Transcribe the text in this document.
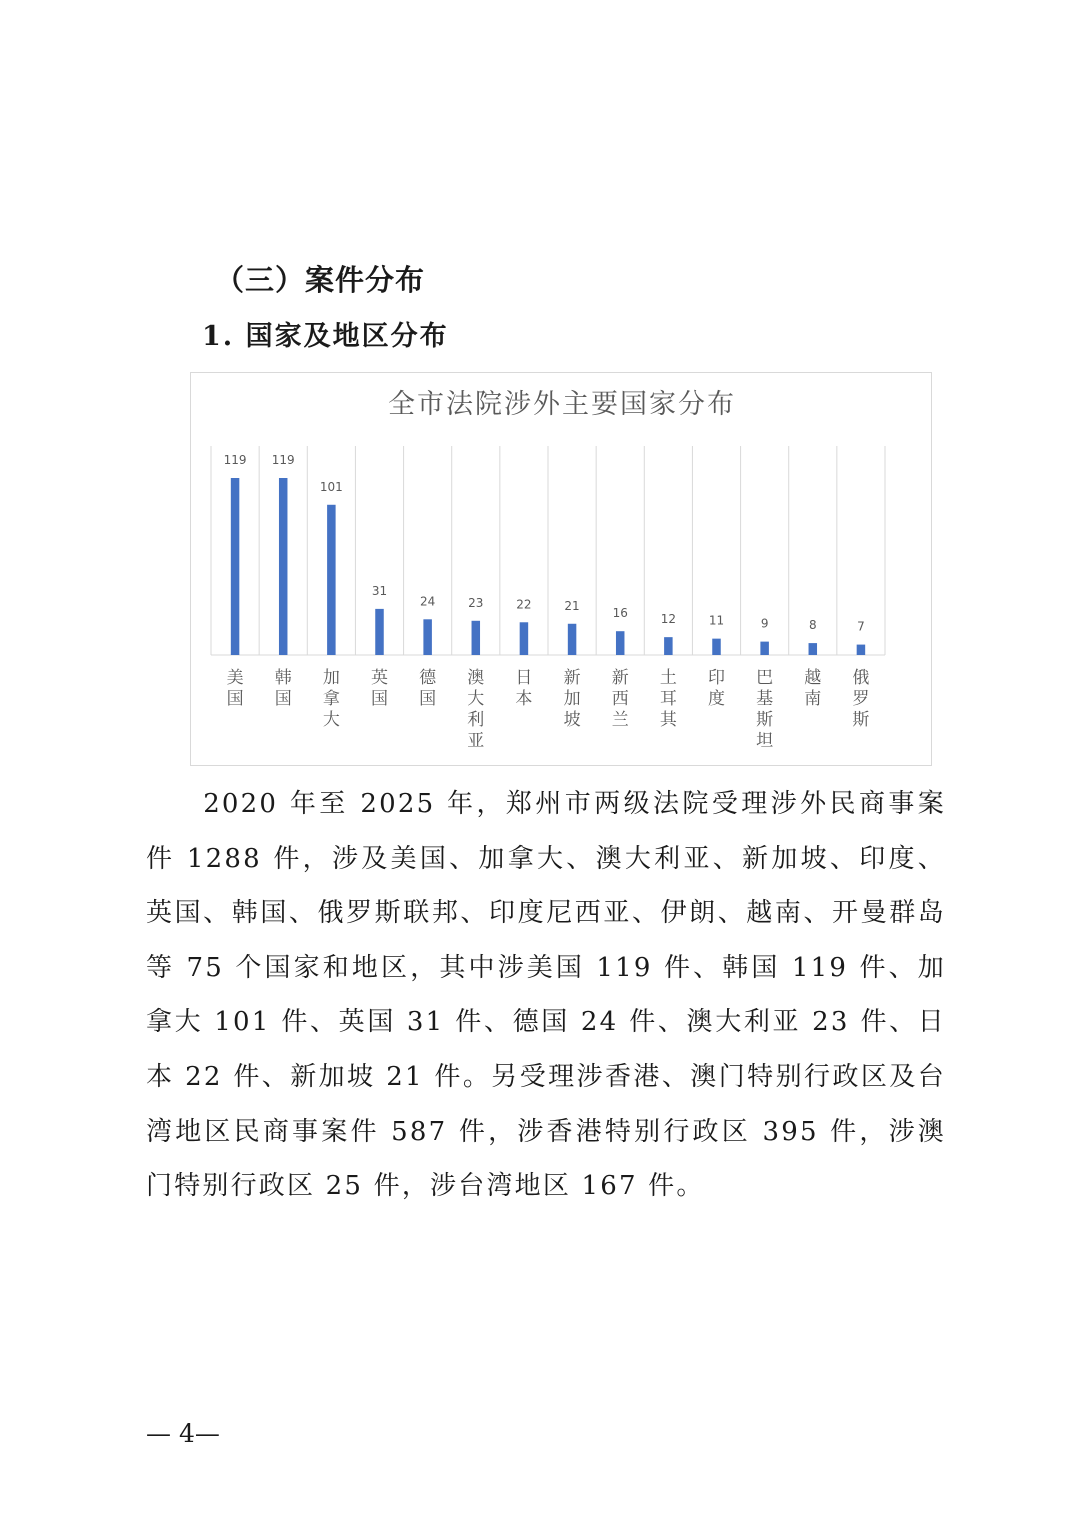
（三）案件分布
1. 国家及地区分布
全市法院涉外主要国家分布
119 119
101
31
24	23	22	21
16	12	11	9	8	7
美国
韩国
加拿大
英国
德国
澳大利亚
日本
新加坡
新西兰
土耳其
印度
巴基斯坦
越南
俄罗斯

2020 年至 2025 年，郑州市两级法院受理涉外民商事案件 1288 件，涉及美国、加拿大、澳大利亚、新加坡、印度、英国、韩国、俄罗斯联邦、印度尼西亚、伊朗、越南、开曼群岛等 75 个国家和地区，其中涉美国 119 件、韩国 119 件、加拿大 101 件、英国 31 件、德国 24 件、澳大利亚 23 件、日本 22 件、新加坡 21 件。另受理涉香港、澳门特别行政区及台湾地区民商事案件 587 件，涉香港特别行政区 395 件，涉澳门特别行政区 25 件，涉台湾地区 167 件。

— 4—
